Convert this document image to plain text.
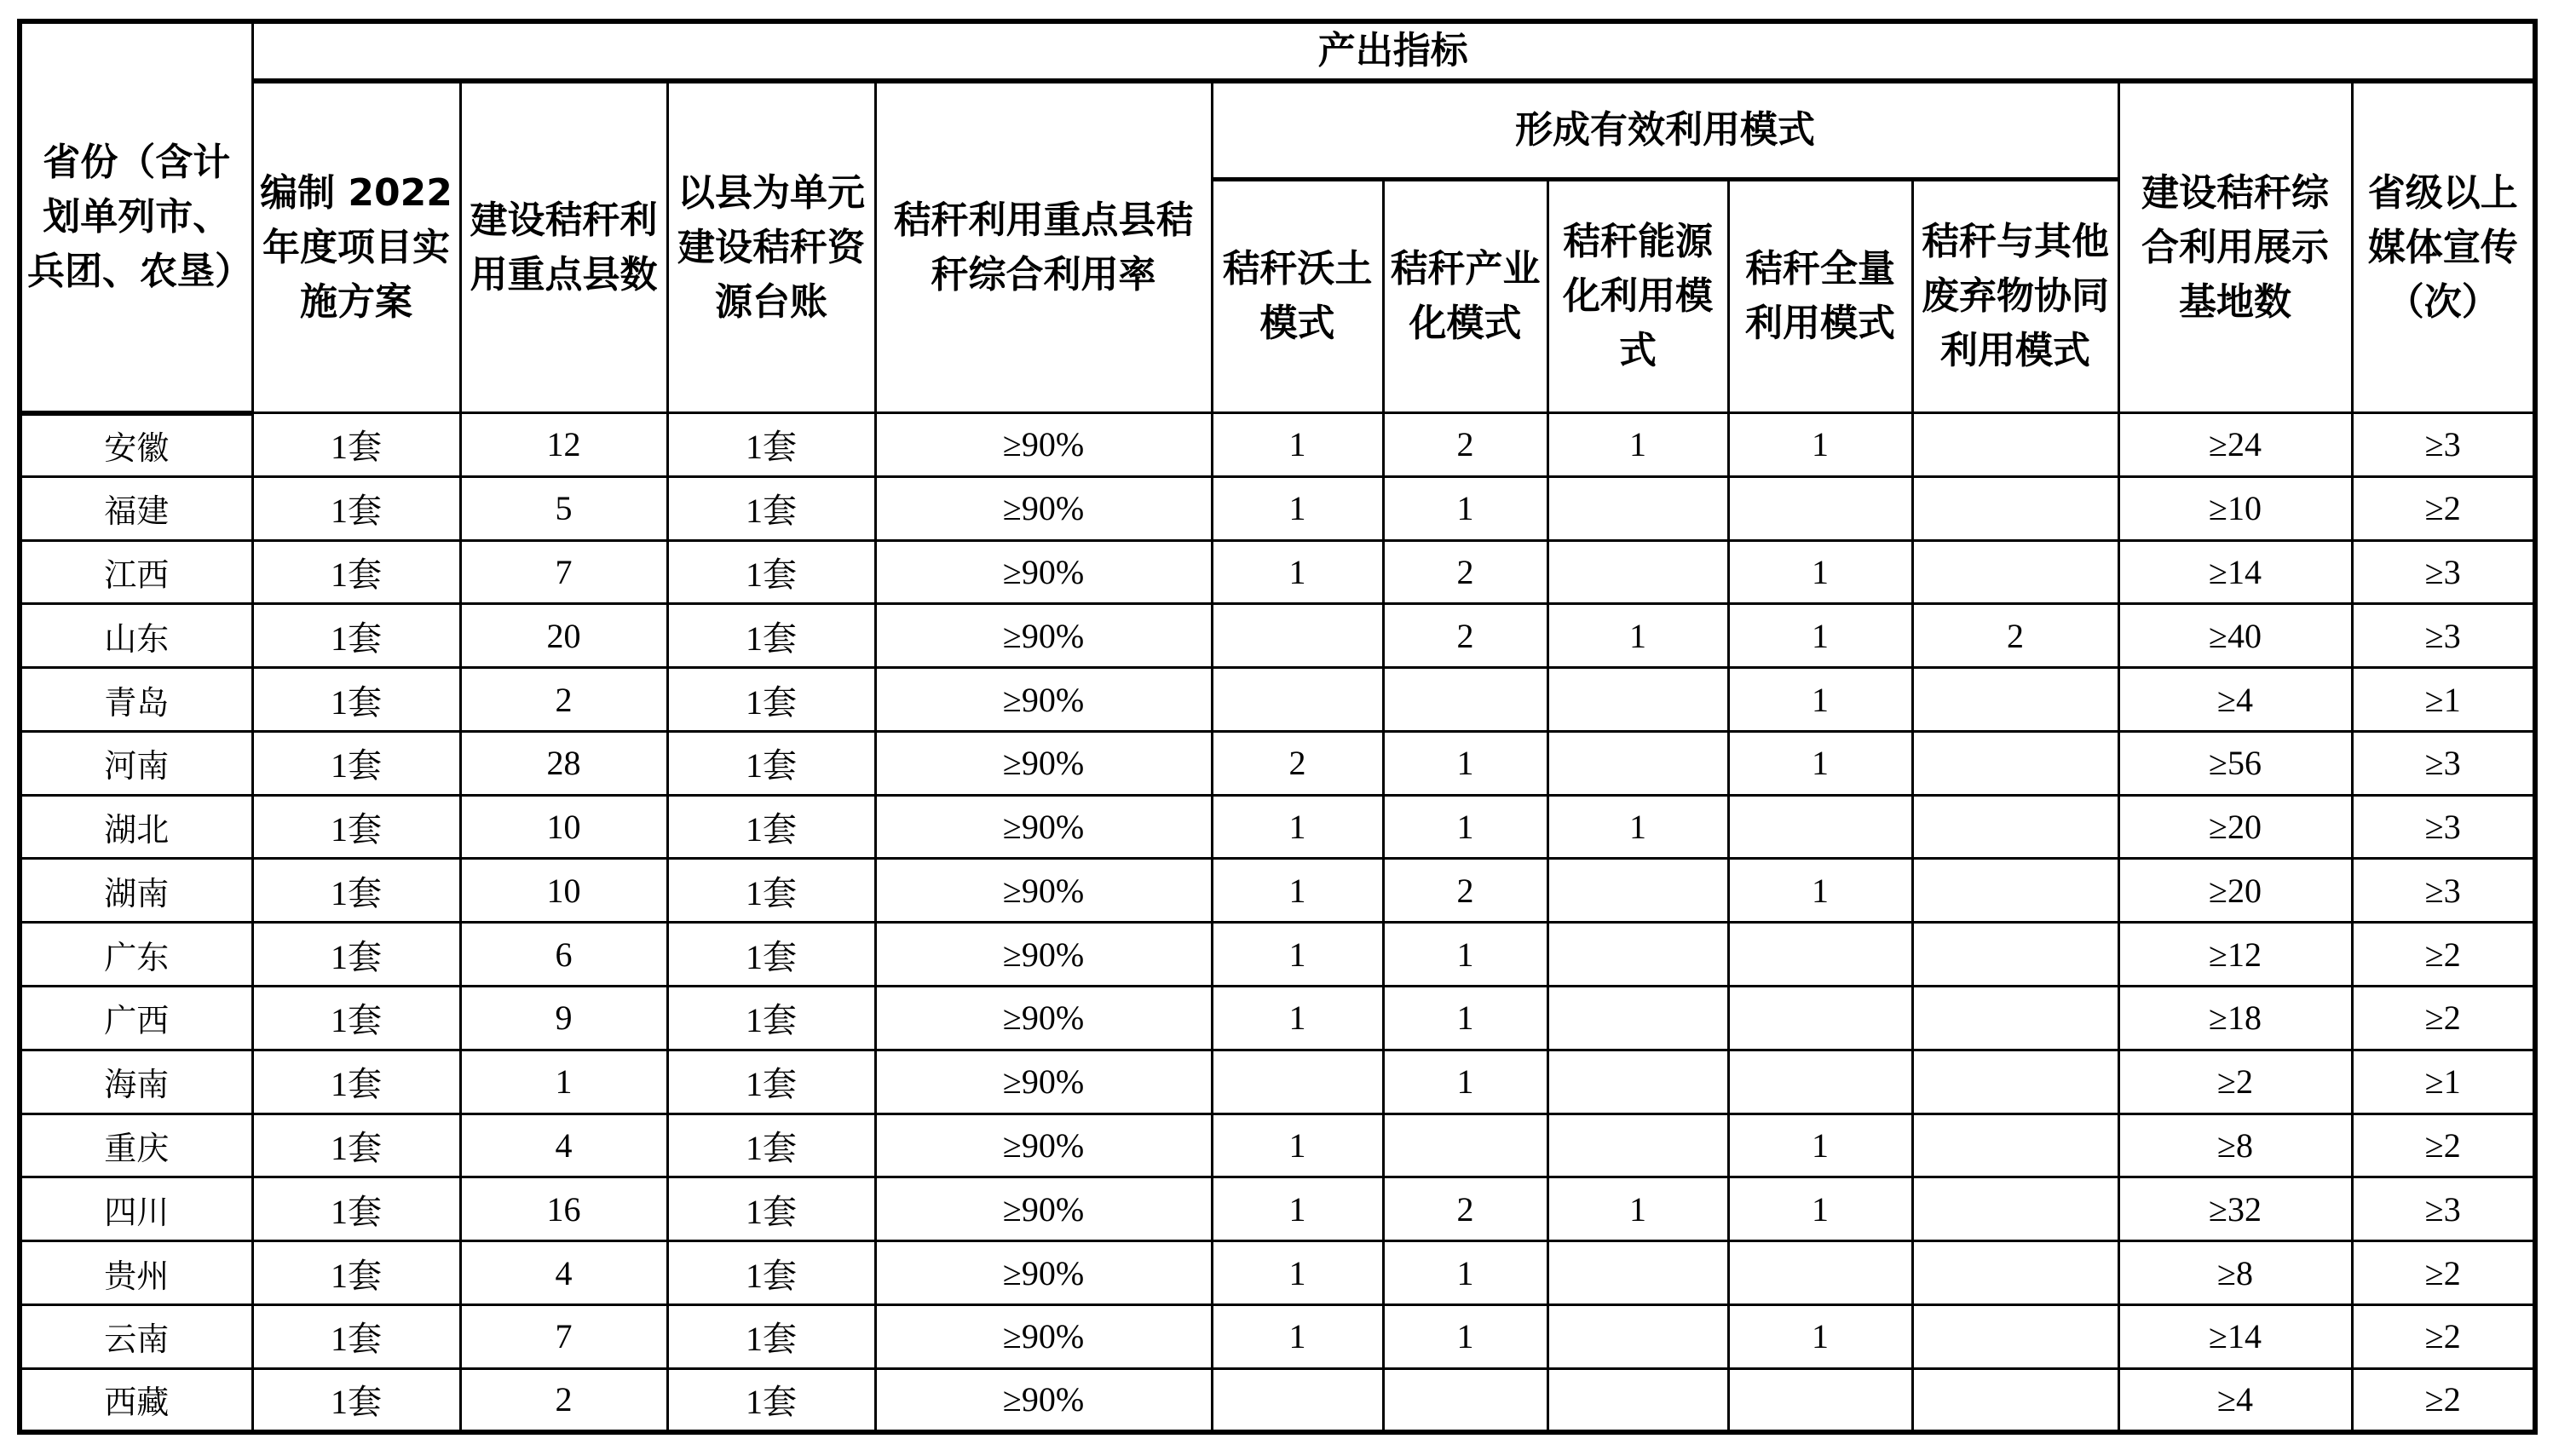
省份（含计划单列市、兵团、农垦）	产出指标										
	编制 2022 年度项目实施方案	建设秸秆利用重点县数	以县为单元建设秸秆资源台账	秸秆利用重点县秸秆综合利用率	形成有效利用模式					建设秸秆综合利用展示基地数	省级以上媒体宣传（次）
					秸秆沃土模式	秸秆产业化模式	秸秆能源化利用模式	秸秆全量利用模式	秸秆与其他废弃物协同利用模式		
安徽	1套	12	1套	≥90%	1	2	1	1		≥24	≥3
福建	1套	5	1套	≥90%	1	1				≥10	≥2
江西	1套	7	1套	≥90%	1	2		1		≥14	≥3
山东	1套	20	1套	≥90%		2	1	1	2	≥40	≥3
青岛	1套	2	1套	≥90%				1		≥4	≥1
河南	1套	28	1套	≥90%	2	1		1		≥56	≥3
湖北	1套	10	1套	≥90%	1	1	1			≥20	≥3
湖南	1套	10	1套	≥90%	1	2		1		≥20	≥3
广东	1套	6	1套	≥90%	1	1				≥12	≥2
广西	1套	9	1套	≥90%	1	1				≥18	≥2
海南	1套	1	1套	≥90%		1				≥2	≥1
重庆	1套	4	1套	≥90%	1			1		≥8	≥2
四川	1套	16	1套	≥90%	1	2	1	1		≥32	≥3
贵州	1套	4	1套	≥90%	1	1				≥8	≥2
云南	1套	7	1套	≥90%	1	1		1		≥14	≥2
西藏	1套	2	1套	≥90%						≥4	≥2
